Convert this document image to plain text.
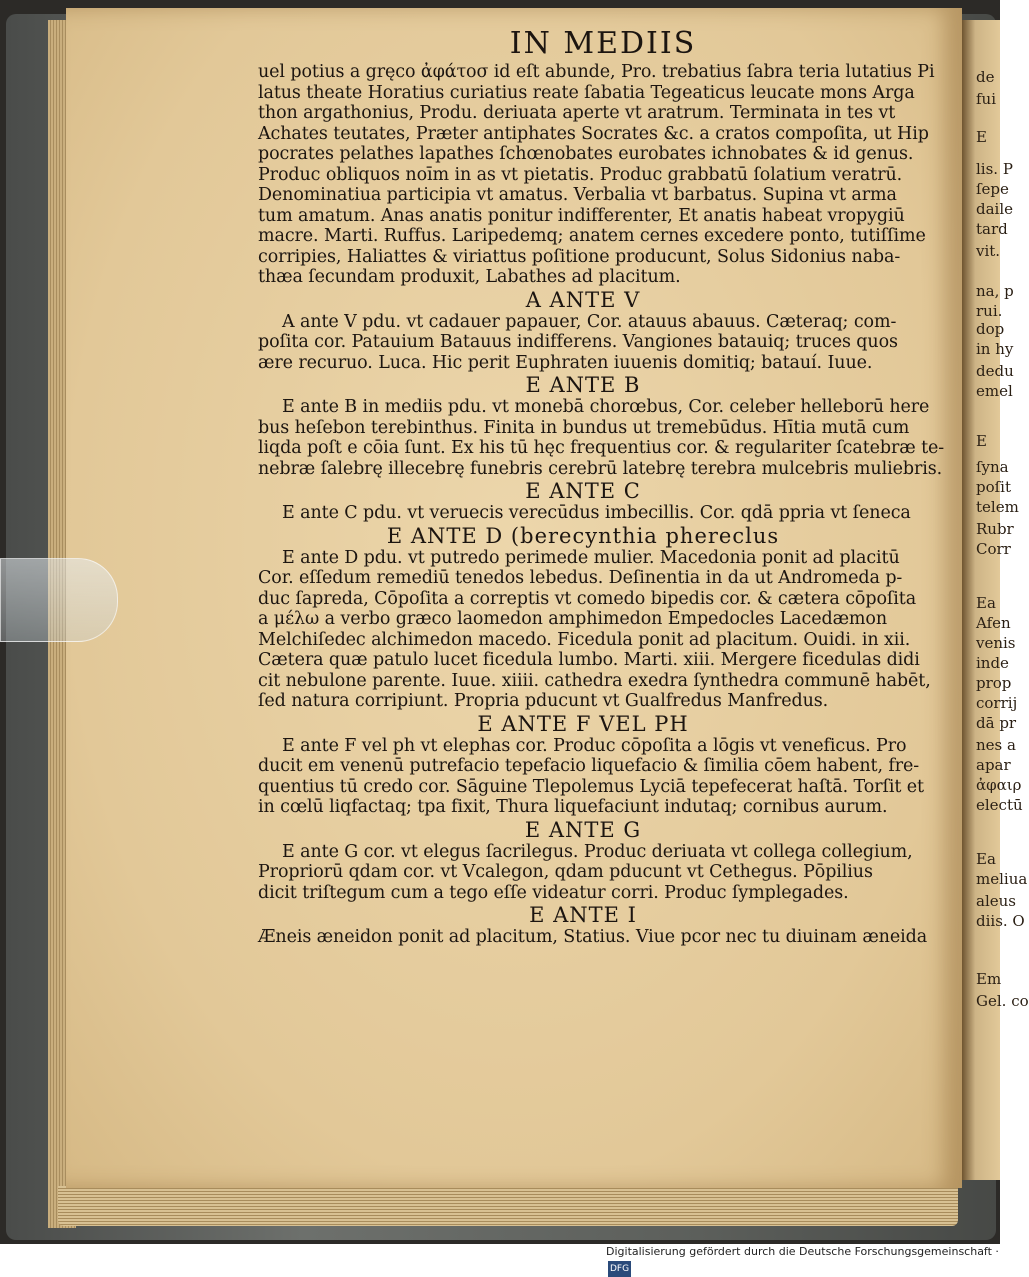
de
fui
E
lis. P
ſepe
daile
tard
vit.
na, p
rui.
dop
in hy
dedu
emel
E
ſyna
poſit
telem
Rubr
Corr
Ea
Afen
venis
inde
prop
corrij
dā pr
nes a
apar
ἀφαιρ
electū
Ea
meliua
aleus
diis. O
Em
Gel. co
IN MEDIIS
uel potius a gręco ἀφάτοσ id eſt abunde, Pro. trebatius ſabra teria lutatius Pi
latus theate Horatius curiatius reate ſabatia Tegeaticus leucate mons Arga
thon argathonius, Produ. deriuata aperte vt aratrum. Terminata in tes vt
Achates teutates, Præter antiphates Socrates &c. a cratos compoſita, ut Hip
pocrates pelathes lapathes ſchœnobates eurobates ichnobates & id genus.
Produc obliquos noīm in as vt pietatis. Produc grabbatū ſolatium veratrū.
Denominatiua participia vt amatus. Verbalia vt barbatus. Supina vt arma
tum amatum. Anas anatis ponitur indifferenter, Et anatis habeat vropygiū
macre. Marti. Ruffus. Laripedemq; anatem cernes excedere ponto, tutiſſime
corripies, Haliattes & viriattus poſitione producunt, Solus Sidonius naba-
thæa ſecundam produxit, Labathes ad placitum.
A ANTE V
A ante V pdu. vt cadauer papauer, Cor. atauus abauus. Cæteraq; com-
poſita cor. Patauium Batauus indifferens. Vangiones batauiq; truces quos
ære recuruo. Luca. Hic perit Euphraten iuuenis domitiq; batauí. Iuue.
E ANTE B
E ante B in mediis pdu. vt monebā chorœbus, Cor. celeber helleborū here
bus heſebon terebinthus. Finita in bundus ut tremebūdus. Hītia mutā cum
liqda poſt e cōia ſunt. Ex his tū hęc frequentius cor. & regulariter ſcatebræ te-
nebræ ſalebrę illecebrę funebris cerebrū latebrę terebra mulcebris muliebris.
E ANTE C
E ante C pdu. vt veruecis verecūdus imbecillis. Cor. qdā ppria vt ſeneca
E ANTE D (berecynthia phereclus
E ante D pdu. vt putredo perimede mulier. Macedonia ponit ad placitū
Cor. eſſedum remediū tenedos lebedus. Deſinentia in da ut Andromeda p-
duc ſapreda, Cōpoſita a correptis vt comedo bipedis cor. & cætera cōpoſita
a μέλω a verbo græco laomedon amphimedon Empedocles Lacedæmon
Melchiſedec alchimedon macedo. Ficedula ponit ad placitum. Ouidi. in xii.
Cætera quæ patulo lucet ficedula lumbo. Marti. xiii. Mergere ficedulas didi
cit nebulone parente. Iuue. xiiii. cathedra exedra ſynthedra communē habēt,
ſed natura corripiunt. Propria pducunt vt Gualfredus Manfredus.
E ANTE F VEL PH
E ante F vel ph vt elephas cor. Produc cōpoſita a lōgis vt veneficus. Pro
ducit em venenū putrefacio tepefacio liquefacio & ſimilia cōem habent, fre-
quentius tū credo cor. Sāguine Tlepolemus Lyciā tepefecerat haſtā. Torſit et
in cœlū liqfactaq; tpa fixit, Thura liquefaciunt indutaq; cornibus aurum.
E ANTE G
E ante G cor. vt elegus ſacrilegus. Produc deriuata vt collega collegium,
Propriorū qdam cor. vt Vcalegon, qdam pducunt vt Cethegus. Pōpilius
dicit triſtegum cum a tego eſſe videatur corri. Produc ſymplegades.
E ANTE I
Æneis æneidon ponit ad placitum, Statius. Viue pcor nec tu diuinam æneida
Digitalisierung gefördert durch die Deutsche Forschungsgemeinschaft ·DFG
